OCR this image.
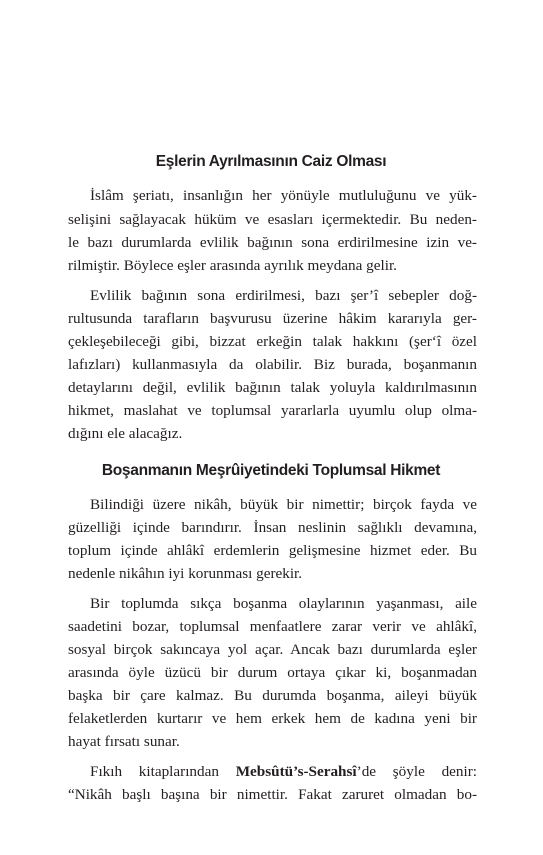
Eşlerin Ayrılmasının Caiz Olması

İslâm şeriatı, insanlığın her yönüyle mutluluğunu ve yük-

selişini sağlayacak hüküm ve esasları içermektedir. Bu neden-

le bazı durumlarda evlilik bağının sona erdirilmesine izin ve-

rilmiştir. Böylece eşler arasında ayrılık meydana gelir.

Evlilik bağının sona erdirilmesi, bazı şer’î sebepler doğ-

rultusunda tarafların başvurusu üzerine hâkim kararıyla ger-

çekleşebileceği gibi, bizzat erkeğin talak hakkını (şer‘î özel

lafızları) kullanmasıyla da olabilir. Biz burada, boşanmanın

detaylarını değil, evlilik bağının talak yoluyla kaldırılmasının

hikmet, maslahat ve toplumsal yararlarla uyumlu olup olma-

dığını ele alacağız.

Boşanmanın Meşrûiyetindeki Toplumsal Hikmet

Bilindiği üzere nikâh, büyük bir nimettir; birçok fayda ve

güzelliği içinde barındırır. İnsan neslinin sağlıklı devamına,

toplum içinde ahlâkî erdemlerin gelişmesine hizmet eder. Bu

nedenle nikâhın iyi korunması gerekir.

Bir toplumda sıkça boşanma olaylarının yaşanması, aile

saadetini bozar, toplumsal menfaatlere zarar verir ve ahlâkî,

sosyal birçok sakıncaya yol açar. Ancak bazı durumlarda eşler

arasında öyle üzücü bir durum ortaya çıkar ki, boşanmadan

başka bir çare kalmaz. Bu durumda boşanma, aileyi büyük

felaketlerden kurtarır ve hem erkek hem de kadına yeni bir

hayat fırsatı sunar.

Fıkıh kitaplarından Mebsûtü’s-Serahsî’de şöyle denir:

“Nikâh başlı başına bir nimettir. Fakat zaruret olmadan bo-
